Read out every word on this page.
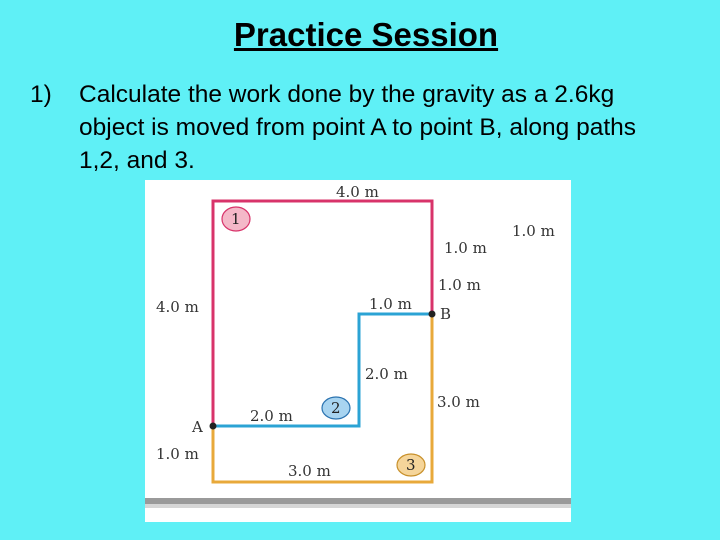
Practice Session
1) Calculate the work done by the gravity as a 2.6kg object is moved from point A to point B, along paths 1,2, and 3.
A
B
1
2
3
4.0 m
1.0 m
1.0 m
1.0 m
4.0 m	1.0 m
2.0 m
3.0 m
2.0 m
1.0 m
3.0 m
